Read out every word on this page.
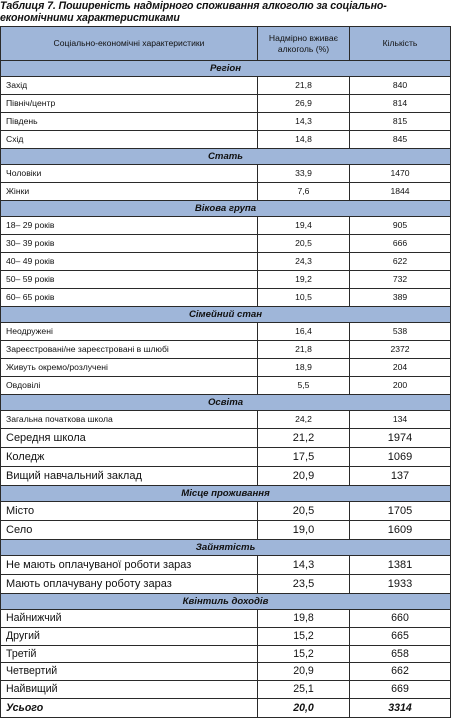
Таблиця 7. Поширеність надмірного споживання алкоголю за соціально-
економічними характеристиками
Соціально-економічні характеристики	Надмірно вживає
алкоголь (%)	Кількість
Регіон		
Захід	21,8	840
Північ/центр	26,9	814
Південь	14,3	815
Схід	14,8	845
Стать		
Чоловіки	33,9	1470
Жінки	7,6	1844
Вікова група		
18– 29 років	19,4	905
30– 39 років	20,5	666
40– 49 років	24,3	622
50– 59 років	19,2	732
60– 65 років	10,5	389
Сімейний стан		
Неодружені	16,4	538
Зареєстровані/не зареєстровані в шлюбі	21,8	2372
Живуть окремо/розлучені	18,9	204
Овдовілі	5,5	200
Освіта		
Загальна початкова школа	24,2	134
Середня школа	21,2	1974
Коледж	17,5	1069
Вищий навчальний заклад	20,9	137
Місце проживання		
Місто	20,5	1705
Село	19,0	1609
Зайнятість		
Не мають оплачуваної роботи зараз	14,3	1381
Мають оплачувану роботу зараз	23,5	1933
Квінтиль доходів		
Найнижчий	19,8	660
Другий	15,2	665
Третій	15,2	658
Четвертий	20,9	662
Найвищий	25,1	669
Усього	20,0	3314
